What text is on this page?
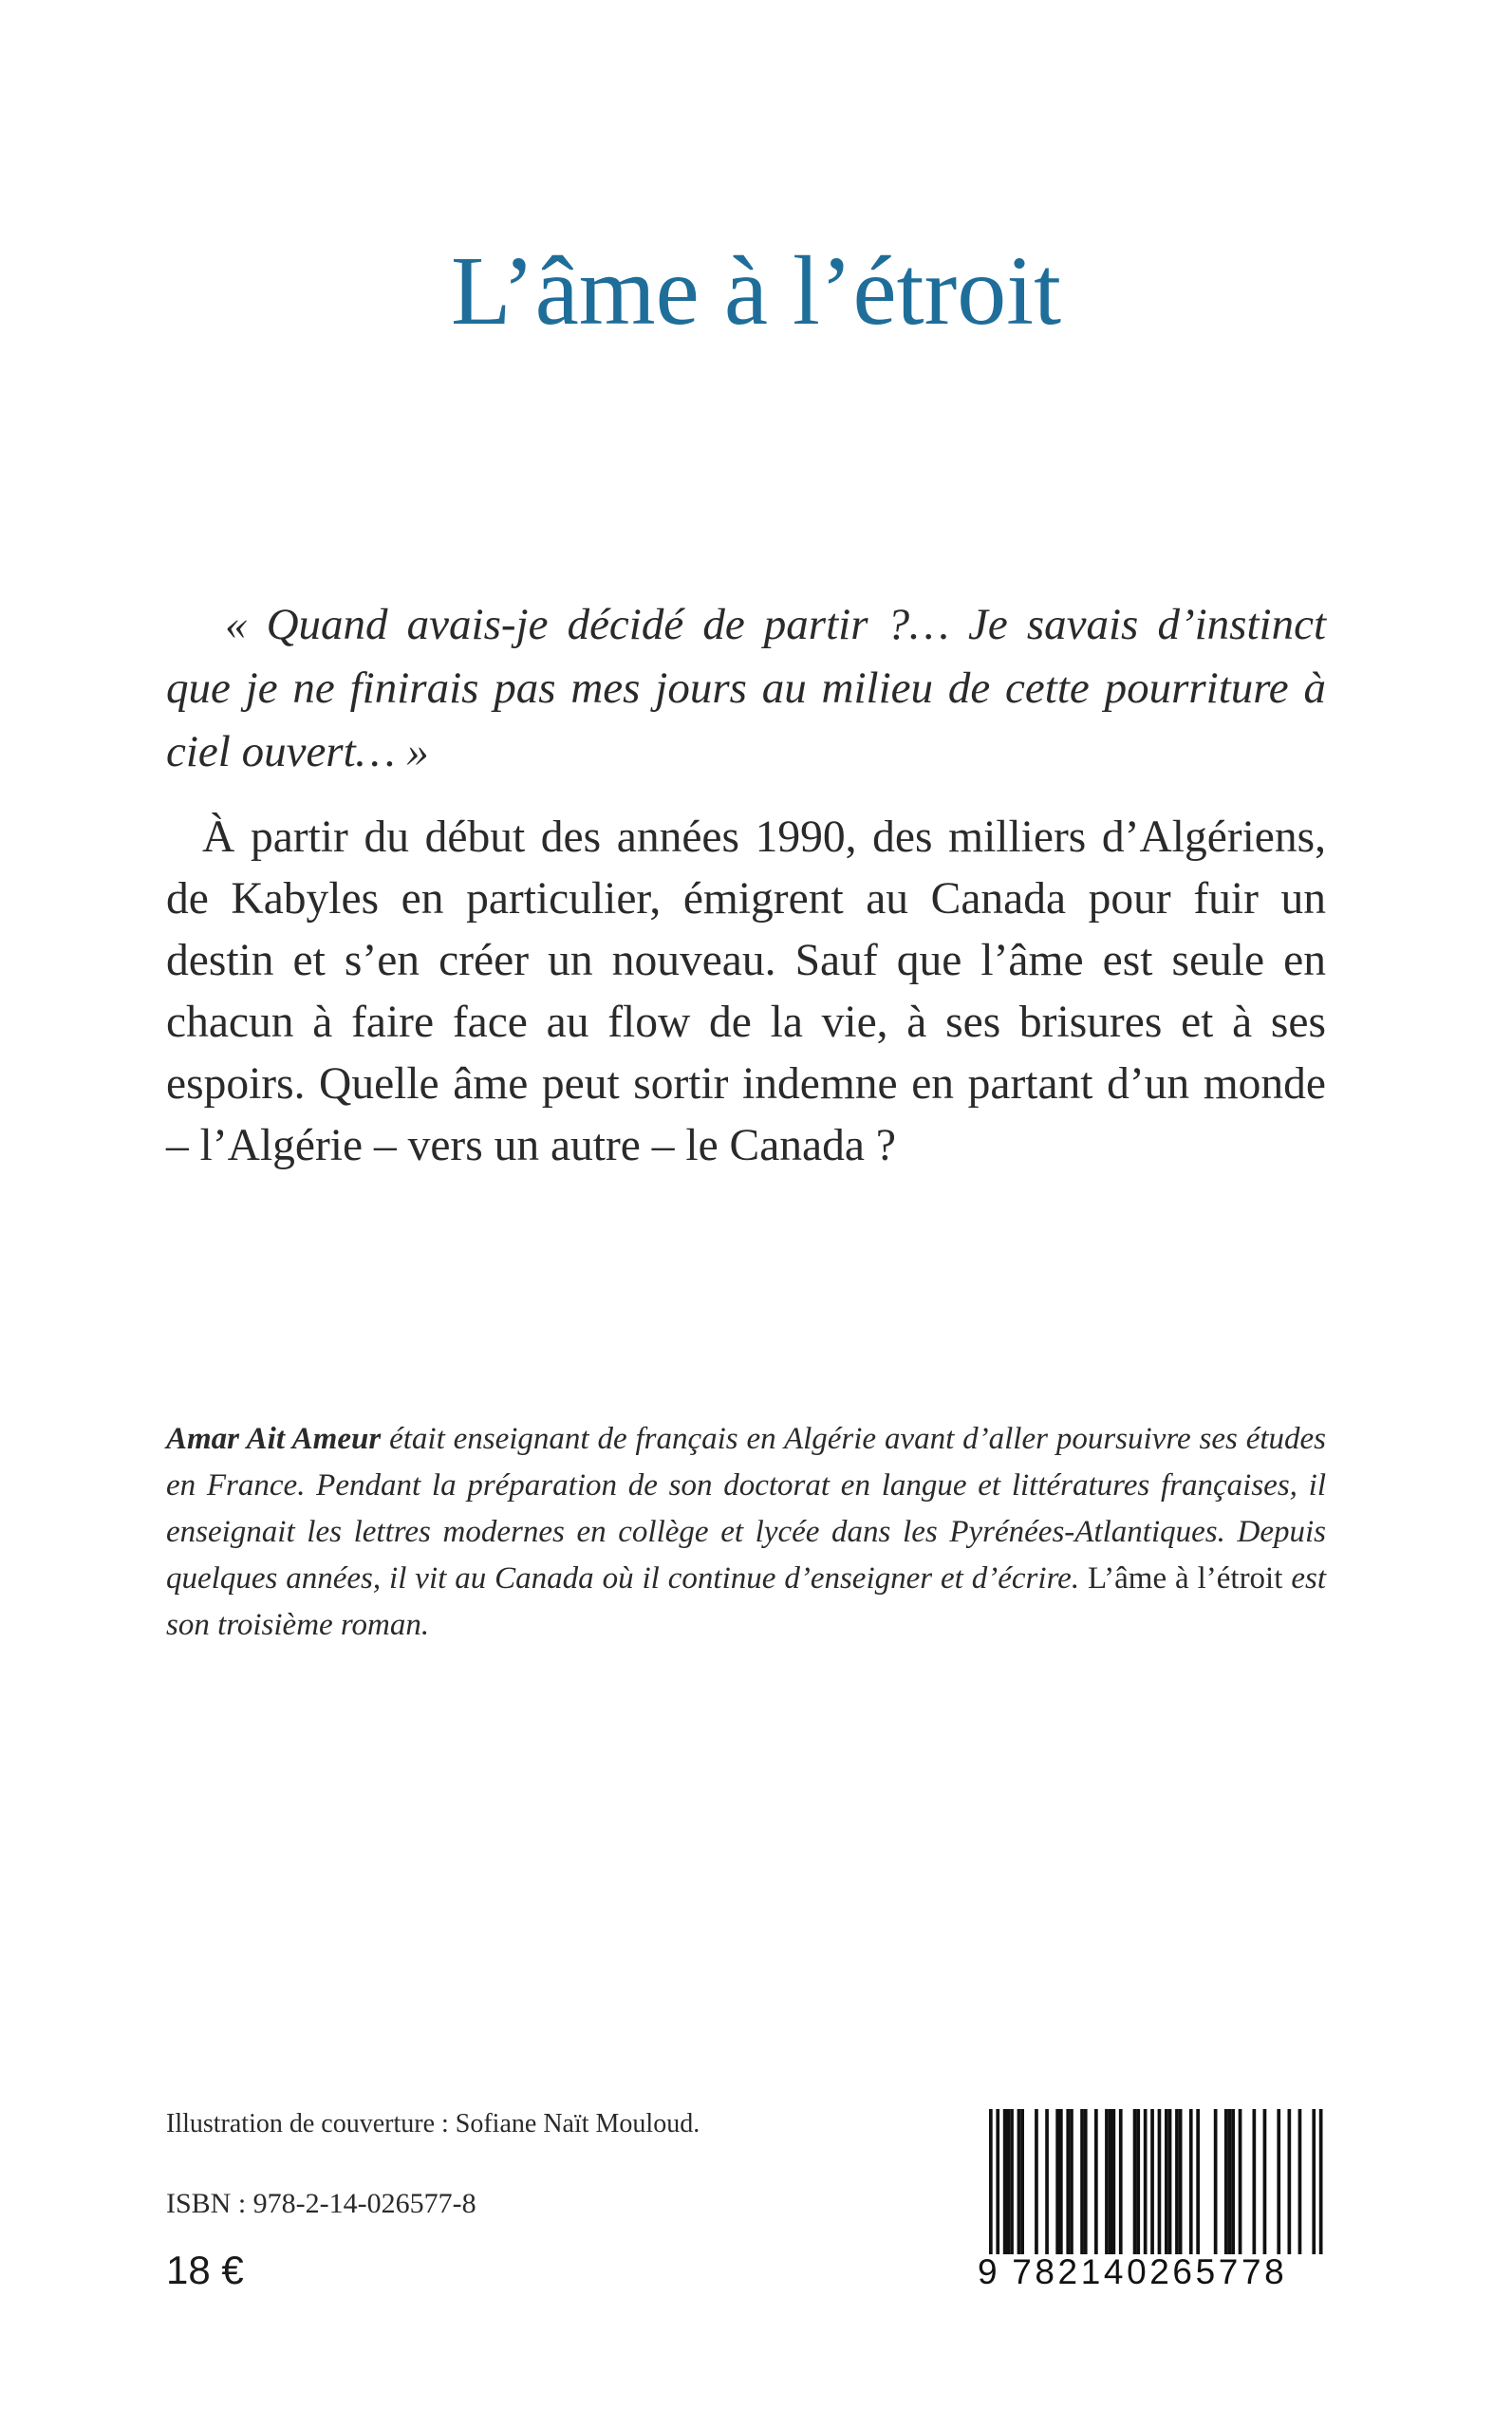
L’âme à l’étroit

« Quand avais-je décidé de partir ?… Je savais d’instinct que je ne finirais pas mes jours au milieu de cette pourriture à ciel ouvert… »

À partir du début des années 1990, des milliers d’Algériens, de Kabyles en particulier, émigrent au Canada pour fuir un destin et s’en créer un nouveau. Sauf que l’âme est seule en chacun à faire face au flow de la vie, à ses brisures et à ses espoirs. Quelle âme peut sortir indemne en partant d’un monde – l’Algérie – vers un autre – le Canada ?

Amar Ait Ameur était enseignant de français en Algérie avant d’aller poursuivre ses études en France. Pendant la préparation de son doctorat en langue et littératures françaises, il enseignait les lettres modernes en collège et lycée dans les Pyrénées-Atlantiques. Depuis quelques années, il vit au Canada où il continue d’enseigner et d’écrire. L’âme à l’étroit est son troisième roman.

Illustration de couverture : Sofiane Naït Mouloud.

ISBN : 978-2-14-026577-8

18 €	9 782140265778
